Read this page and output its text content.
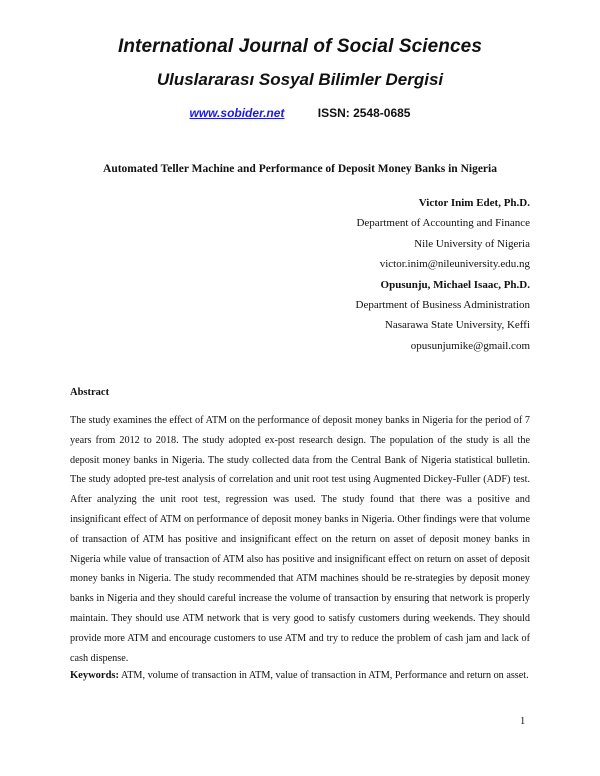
International Journal of Social Sciences
Uluslararası Sosyal Bilimler Dergisi
www.sobider.net	ISSN: 2548-0685
Automated Teller Machine and Performance of Deposit Money Banks in Nigeria
Victor Inim Edet, Ph.D.
Department of Accounting and Finance
Nile University of Nigeria
victor.inim@nileuniversity.edu.ng
Opusunju, Michael Isaac, Ph.D.
Department of Business Administration
Nasarawa State University, Keffi
opusunjumike@gmail.com
Abstract
The study examines the effect of ATM on the performance of deposit money banks in Nigeria for the period of 7 years from 2012 to 2018. The study adopted ex-post research design. The population of the study is all the deposit money banks in Nigeria. The study collected data from the Central Bank of Nigeria statistical bulletin. The study adopted pre-test analysis of correlation and unit root test using Augmented Dickey-Fuller (ADF) test. After analyzing the unit root test, regression was used. The study found that there was a positive and insignificant effect of ATM on performance of deposit money banks in Nigeria. Other findings were that volume of transaction of ATM has positive and insignificant effect on the return on asset of deposit money banks in Nigeria while value of transaction of ATM also has positive and insignificant effect on return on asset of deposit money banks in Nigeria. The study recommended that ATM machines should be re-strategies by deposit money banks in Nigeria and they should careful increase the volume of transaction by ensuring that network is properly maintain. They should use ATM network that is very good to satisfy customers during weekends. They should provide more ATM and encourage customers to use ATM and try to reduce the problem of cash jam and lack of cash dispense.
Keywords: ATM, volume of transaction in ATM, value of transaction in ATM, Performance and return on asset.
1
